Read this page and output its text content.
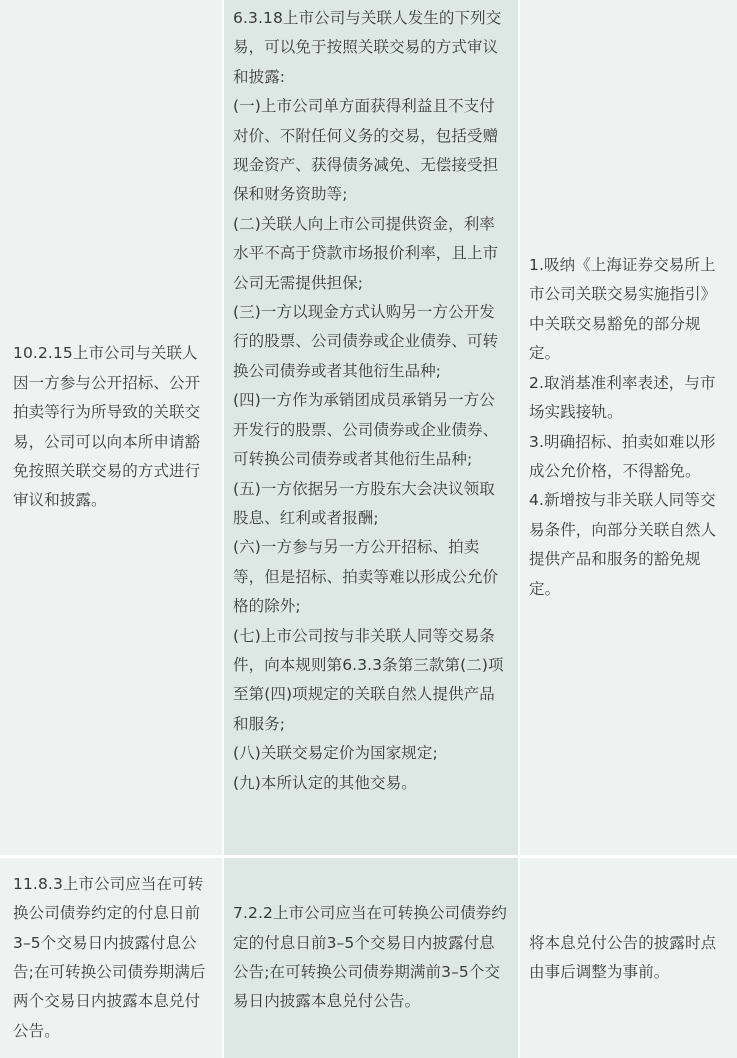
10.2.15上市公司与关联人因一方参与公开招标、公开拍卖等行为所导致的关联交易，公司可以向本所申请豁免按照关联交易的方式进行审议和披露。

6.3.18上市公司与关联人发生的下列交易，可以免于按照关联交易的方式审议和披露:

(一)上市公司单方面获得利益且不支付对价、不附任何义务的交易，包括受赠现金资产、获得债务减免、无偿接受担保和财务资助等;

(二)关联人向上市公司提供资金，利率水平不高于贷款市场报价利率，且上市公司无需提供担保;

(三)一方以现金方式认购另一方公开发行的股票、公司债券或企业债券、可转换公司债券或者其他衍生品种;

(四)一方作为承销团成员承销另一方公开发行的股票、公司债券或企业债券、可转换公司债券或者其他衍生品种;

(五)一方依据另一方股东大会决议领取股息、红利或者报酬;

(六)一方参与另一方公开招标、拍卖等，但是招标、拍卖等难以形成公允价格的除外;

(七)上市公司按与非关联人同等交易条件，向本规则第6.3.3条第三款第(二)项至第(四)项规定的关联自然人提供产品和服务;

(八)关联交易定价为国家规定;

(九)本所认定的其他交易。

1.吸纳《上海证券交易所上市公司关联交易实施指引》中关联交易豁免的部分规定。

2.取消基准利率表述，与市场实践接轨。

3.明确招标、拍卖如难以形成公允价格，不得豁免。

4.新增按与非关联人同等交易条件，向部分关联自然人提供产品和服务的豁免规定。

11.8.3上市公司应当在可转换公司债券约定的付息日前3–5个交易日内披露付息公告;在可转换公司债券期满后两个交易日内披露本息兑付公告。
7.2.2上市公司应当在可转换公司债券约定的付息日前3–5个交易日内披露付息公告;在可转换公司债券期满前3–5个交易日内披露本息兑付公告。
将本息兑付公告的披露时点由事后调整为事前。
